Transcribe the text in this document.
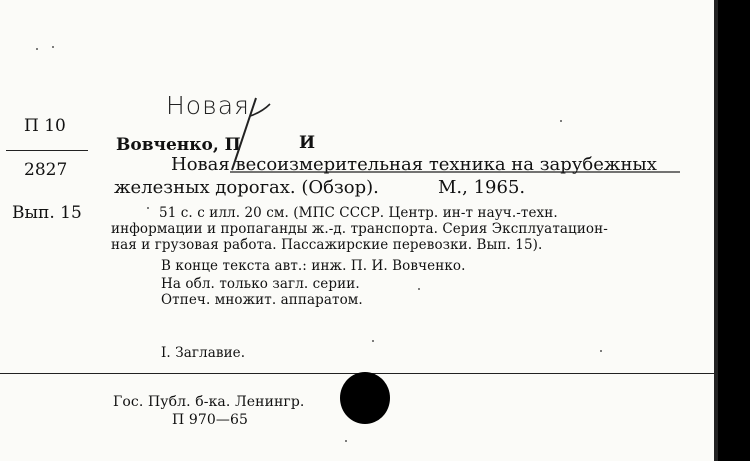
П 10
2827
Вып. 15
Новая
Вовченко, П	И
Новая весоизмерительная техника на зарубежных
железных дорогах. (Обзор).	М., 1965.
51 с. с илл. 20 см. (МПС СССР. Центр. ин-т науч.-техн.
информации и пропаганды ж.-д. транспорта. Серия Эксплуатацион-
ная и грузовая работа. Пассажирские перевозки. Вып. 15).
В конце текста авт.: инж. П. И. Вовченко.
На обл. только загл. серии.
Отпеч. множит. аппаратом.
I. Заглавие.
Гос. Публ. б-ка. Ленингр.
П 970—65
